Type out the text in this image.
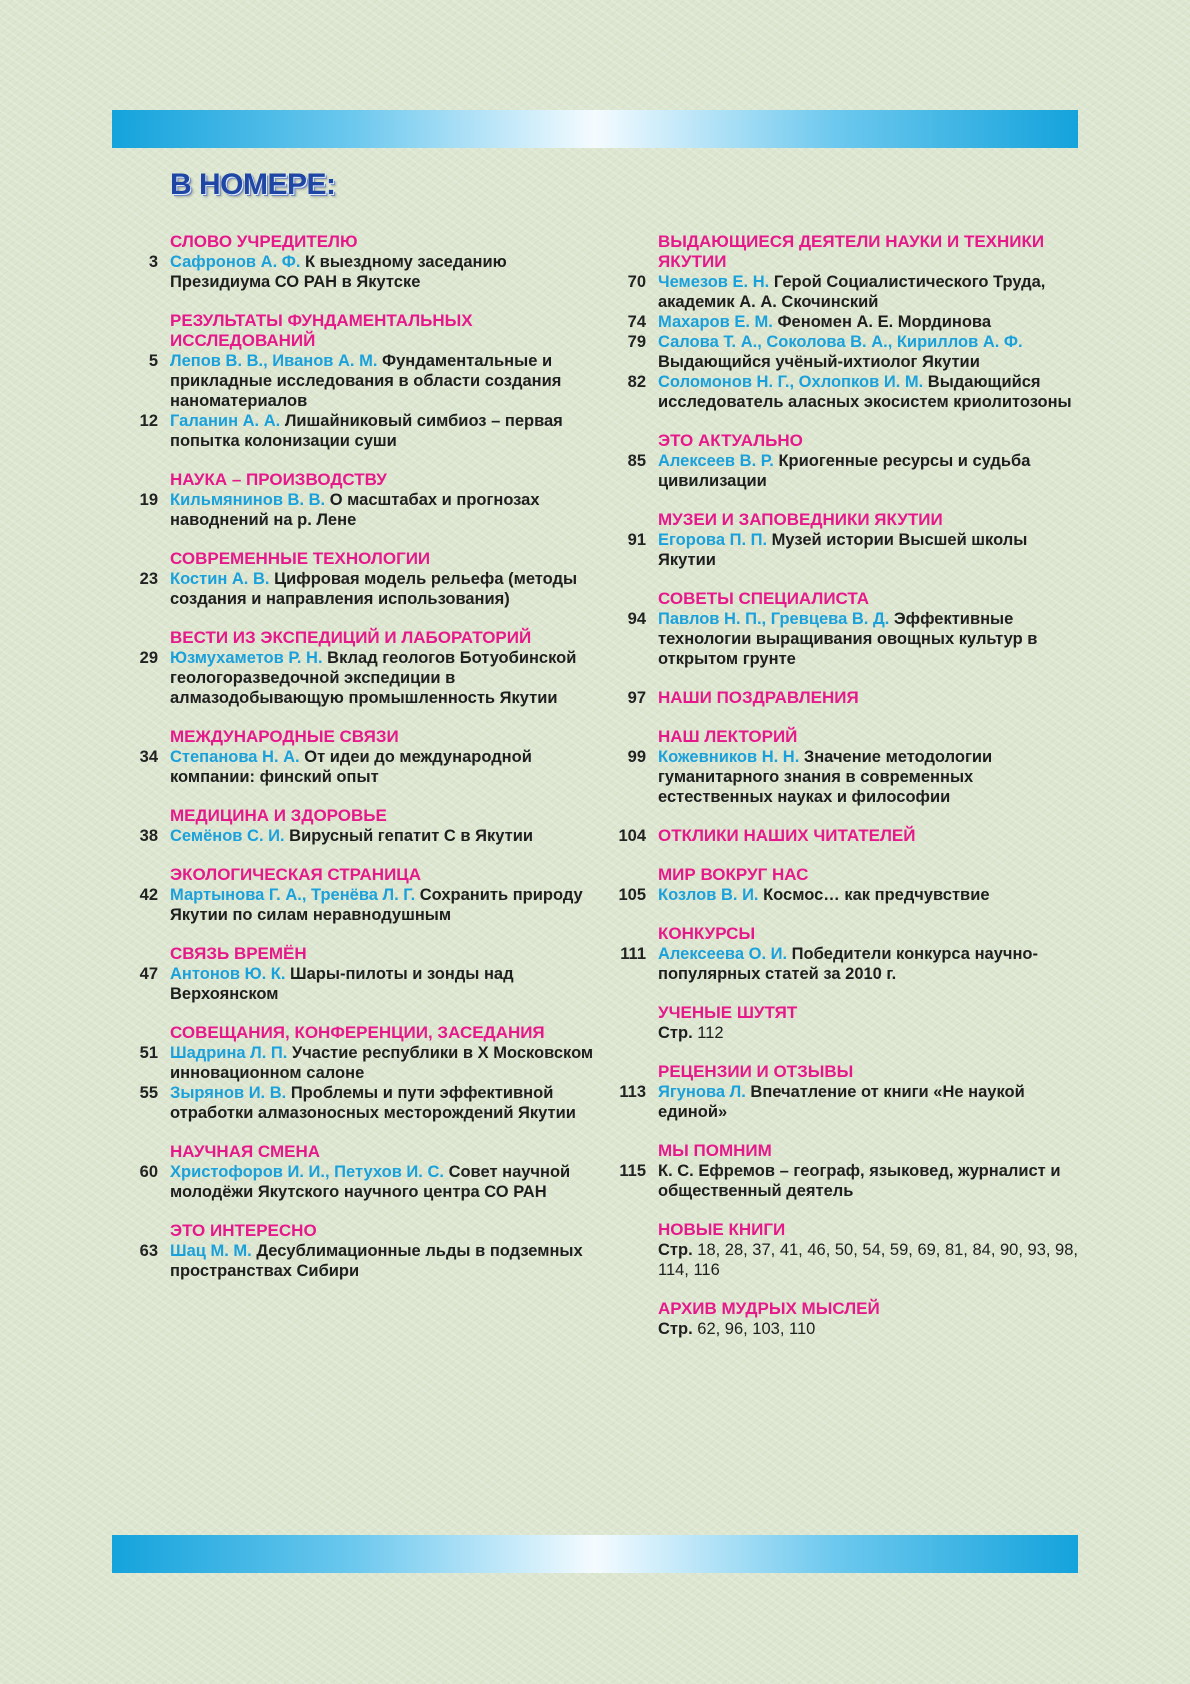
В НОМЕРЕ:
СЛОВО УЧРЕДИТЕЛЮ
3 Сафронов А. Ф. К выездному заседанию Президиума СО РАН в Якутске
РЕЗУЛЬТАТЫ ФУНДАМЕНТАЛЬНЫХ ИССЛЕДОВАНИЙ
5 Лепов В. В., Иванов А. М. Фундаментальные и прикладные исследования в области создания наноматериалов
12 Галанин А. А. Лишайниковый симбиоз – первая попытка колонизации суши
НАУКА – ПРОИЗВОДСТВУ
19 Кильмянинов В. В. О масштабах и прогнозах наводнений на р. Лене
СОВРЕМЕННЫЕ ТЕХНОЛОГИИ
23 Костин А. В. Цифровая модель рельефа (методы создания и направления использования)
ВЕСТИ ИЗ ЭКСПЕДИЦИЙ И ЛАБОРАТОРИЙ
29 Юзмухаметов Р. Н. Вклад геологов Ботуобинской геологоразведочной экспедиции в алмазодобывающую промышленность Якутии
МЕЖДУНАРОДНЫЕ СВЯЗИ
34 Степанова Н. А. От идеи до международной компании: финский опыт
МЕДИЦИНА И ЗДОРОВЬЕ
38 Семёнов С. И. Вирусный гепатит С в Якутии
ЭКОЛОГИЧЕСКАЯ СТРАНИЦА
42 Мартынова Г. А., Тренёва Л. Г. Сохранить природу Якутии по силам неравнодушным
СВЯЗЬ ВРЕМЁН
47 Антонов Ю. К. Шары-пилоты и зонды над Верхоянском
СОВЕЩАНИЯ, КОНФЕРЕНЦИИ, ЗАСЕДАНИЯ
51 Шадрина Л. П. Участие республики в X Московском инновационном салоне
55 Зырянов И. В. Проблемы и пути эффективной отработки алмазоносных месторождений Якутии
НАУЧНАЯ СМЕНА
60 Христофоров И. И., Петухов И. С. Совет научной молодёжи Якутского научного центра СО РАН
ЭТО ИНТЕРЕСНО
63 Шац М. М. Десублимационные льды в подземных пространствах Сибири
ВЫДАЮЩИЕСЯ ДЕЯТЕЛИ НАУКИ И ТЕХНИКИ ЯКУТИИ
70 Чемезов Е. Н. Герой Социалистического Труда, академик А. А. Скочинский
74 Махаров Е. М. Феномен А. Е. Мординова
79 Салова Т. А., Соколова В. А., Кириллов А. Ф. Выдающийся учёный-ихтиолог Якутии
82 Соломонов Н. Г., Охлопков И. М. Выдающийся исследователь аласных экосистем криолитозоны
ЭТО АКТУАЛЬНО
85 Алексеев В. Р. Криогенные ресурсы и судьба цивилизации
МУЗЕИ И ЗАПОВЕДНИКИ ЯКУТИИ
91 Егорова П. П. Музей истории Высшей школы Якутии
СОВЕТЫ СПЕЦИАЛИСТА
94 Павлов Н. П., Гревцева В. Д. Эффективные технологии выращивания овощных культур в открытом грунте
97 НАШИ ПОЗДРАВЛЕНИЯ
НАШ ЛЕКТОРИЙ
99 Кожевников Н. Н. Значение методологии гуманитарного знания в современных естественных науках и философии
104 ОТКЛИКИ НАШИХ ЧИТАТЕЛЕЙ
МИР ВОКРУГ НАС
105 Козлов В. И. Космос… как предчувствие
КОНКУРСЫ
111 Алексеева О. И. Победители конкурса научно-популярных статей за 2010 г.
УЧЕНЫЕ ШУТЯТ
Стр. 112
РЕЦЕНЗИИ И ОТЗЫВЫ
113 Ягунова Л. Впечатление от книги «Не наукой единой»
МЫ ПОМНИМ
115 К. С. Ефремов – географ, языковед, журналист и общественный деятель
НОВЫЕ КНИГИ
Стр. 18, 28, 37, 41, 46, 50, 54, 59, 69, 81, 84, 90, 93, 98, 114, 116
АРХИВ МУДРЫХ МЫСЛЕЙ
Стр. 62, 96, 103, 110
